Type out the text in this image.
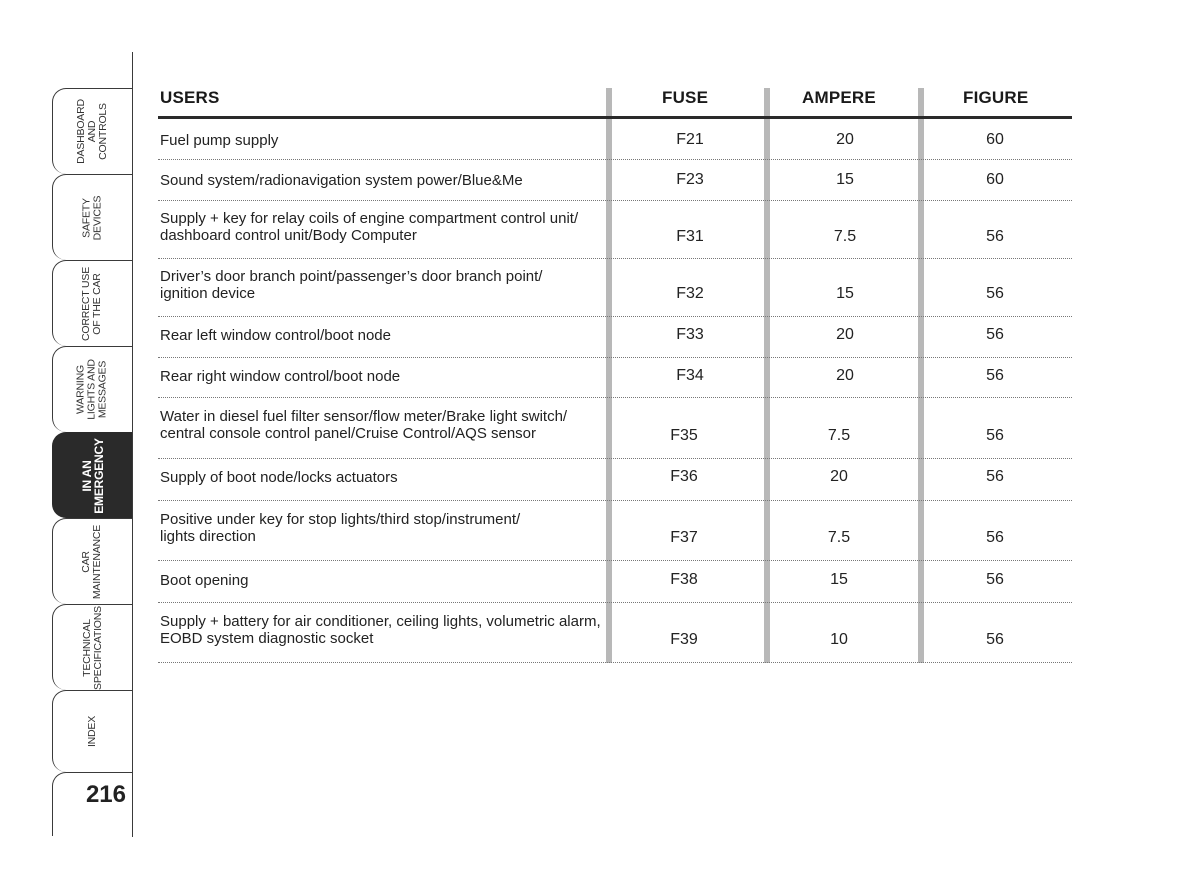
DASHBOARD
AND
CONTROLS
SAFETY
DEVICES
CORRECT USE
OF THE CAR
WARNING
LIGHTS AND
MESSAGES
IN AN
EMERGENCY
CAR
MAINTENANCE
TECHNICAL
SPECIFICATIONS
INDEX
216
USERS	FUSE	AMPERE	FIGURE
Fuel pump supply	F21	20	60
Sound system/radionavigation system power/Blue&Me	F23	15	60
Supply + key for relay coils of engine compartment control unit/
dashboard control unit/Body Computer	F31	7.5	56
Driver’s door branch point/passenger’s door branch point/
ignition device	F32	15	56
Rear left window control/boot node	F33	20	56
Rear right window control/boot node	F34	20	56
Water in diesel fuel filter sensor/flow meter/Brake light switch/
central console control panel/Cruise Control/AQS sensor	F35	7.5	56
Supply of boot node/locks actuators	F36	20	56
Positive under key for stop lights/third stop/instrument/
lights direction	F37	7.5	56
Boot opening	F38	15	56
Supply + battery for air conditioner, ceiling lights, volumetric alarm,
EOBD system diagnostic socket	F39	10	56
